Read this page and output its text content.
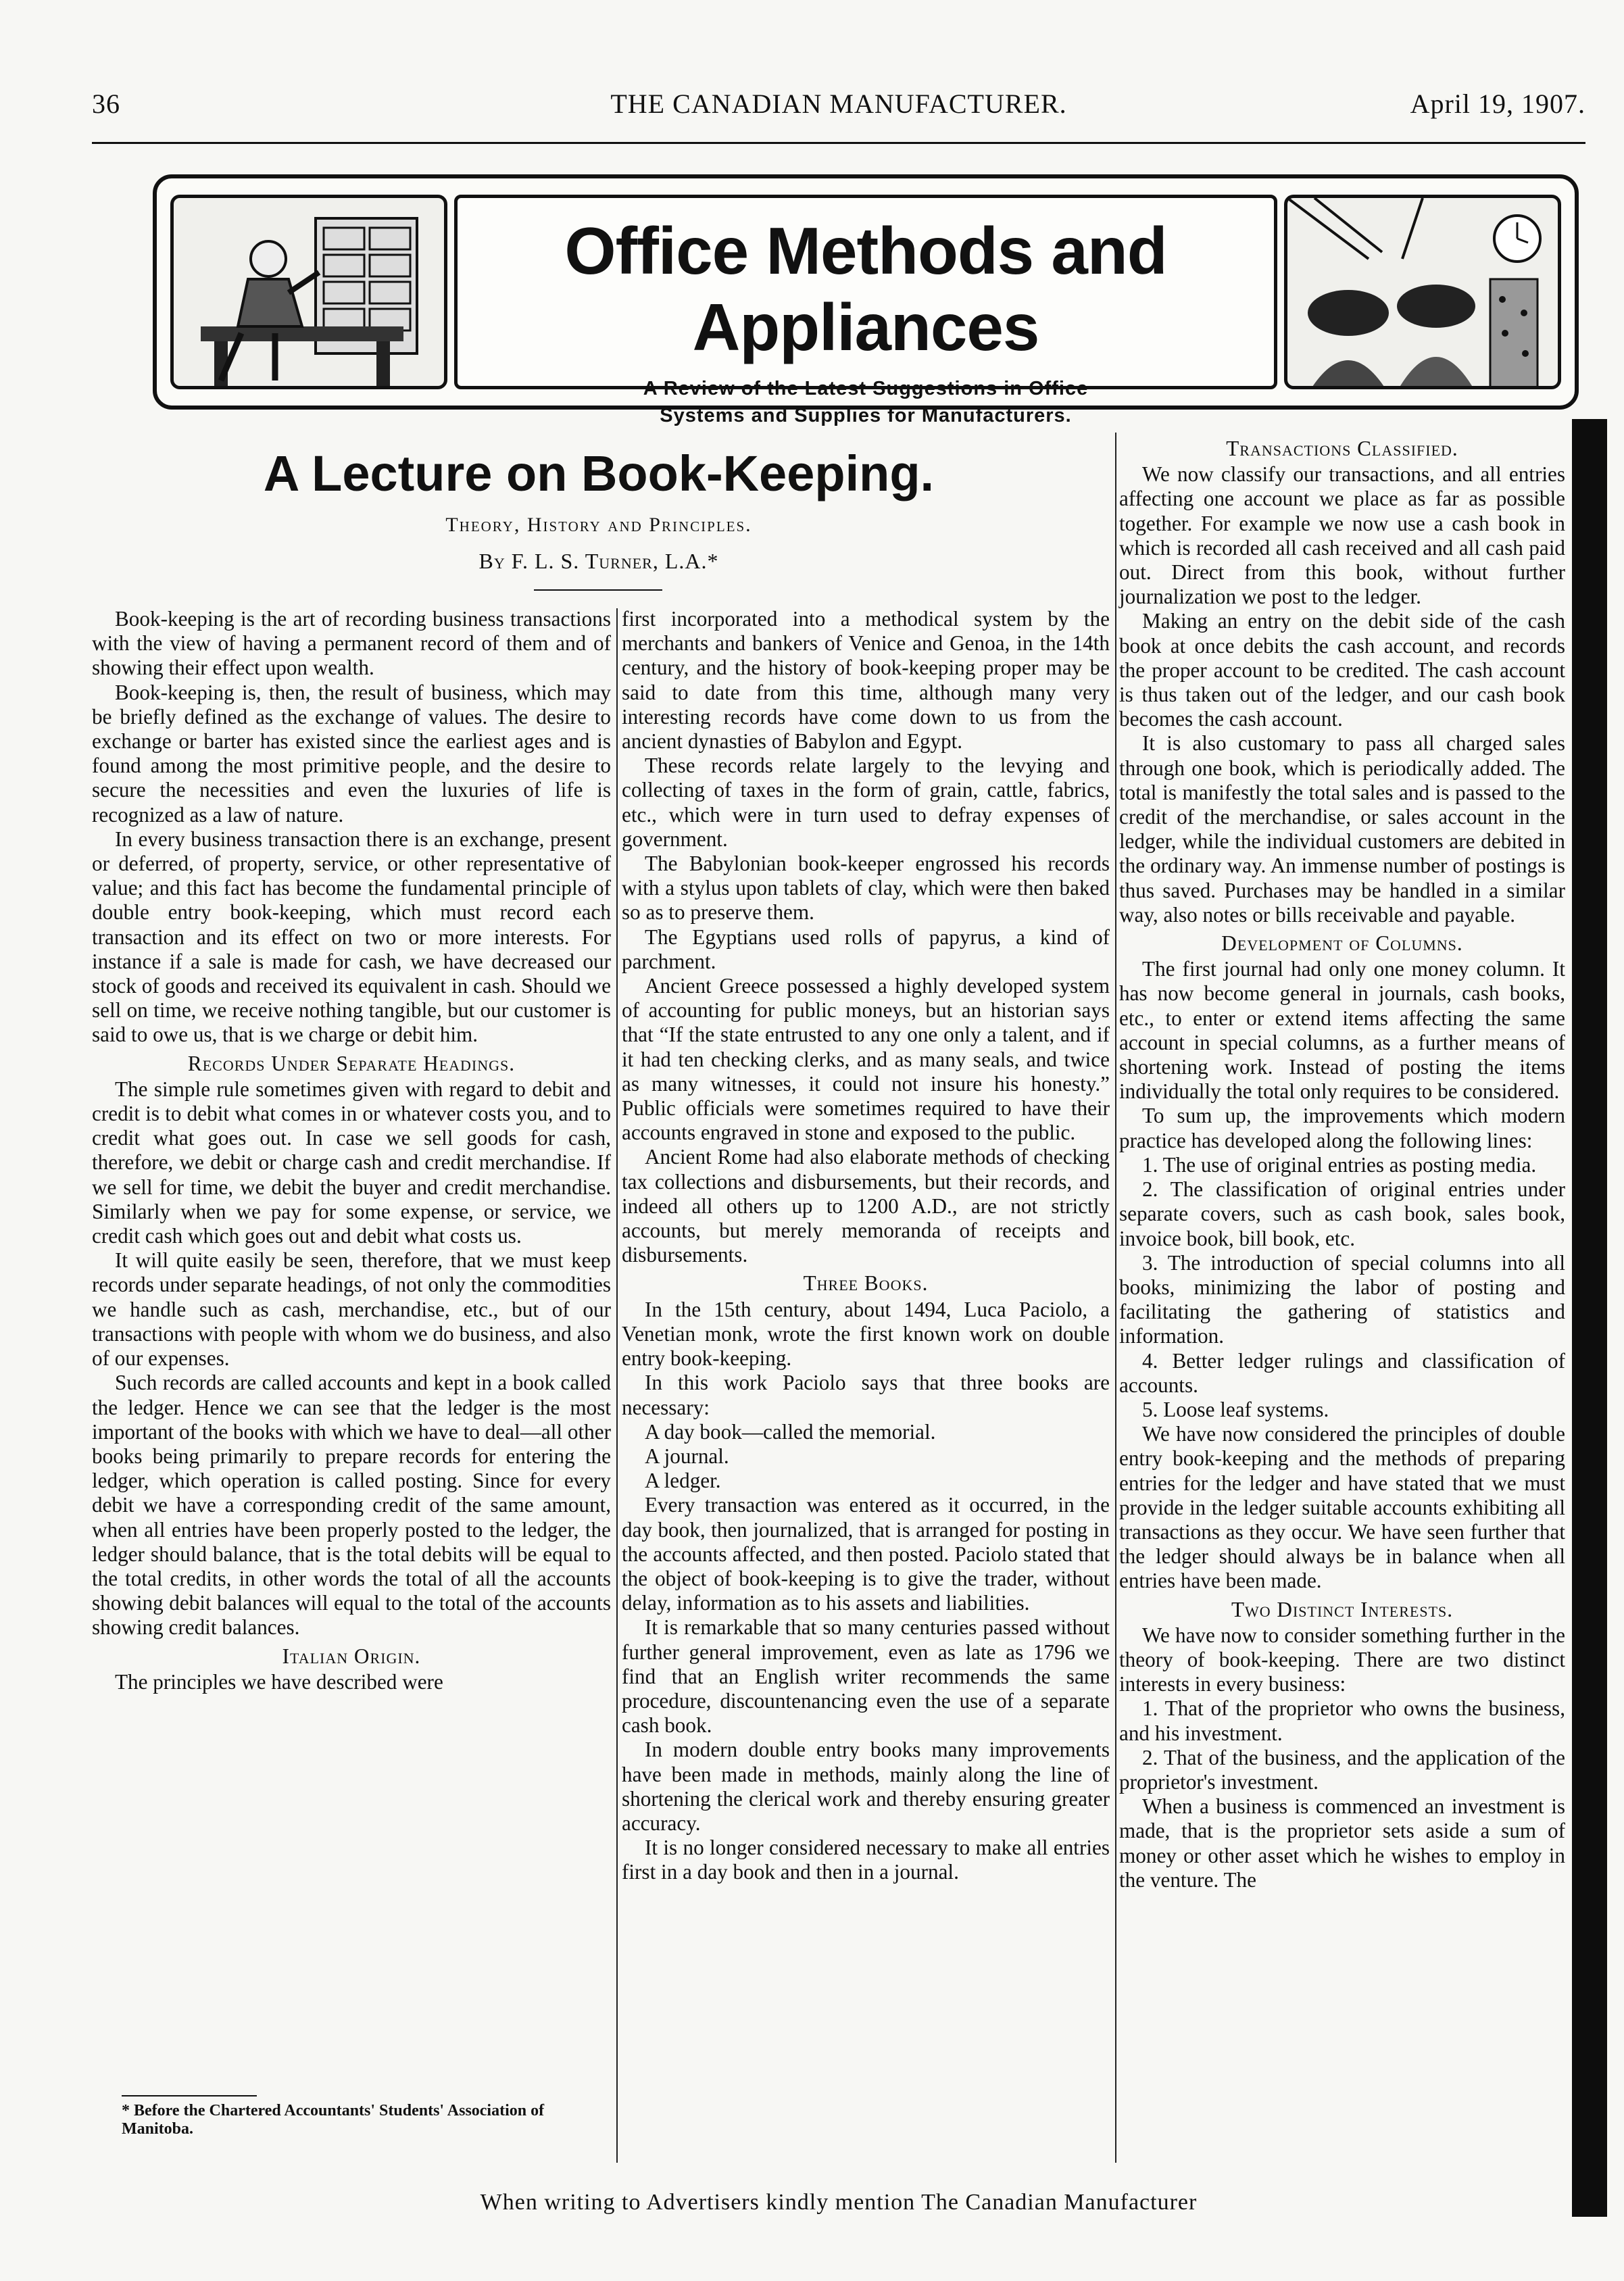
36	THE CANADIAN MANUFACTURER.	April 19, 1907.
Office Methods and Appliances
A Review of the Latest Suggestions in Office
Systems and Supplies for Manufacturers.
A Lecture on Book-Keeping.
Theory, History and Principles.
By F. L. S. Turner, L.A.*

Book-keeping is the art of recording business transactions with the view of having a permanent record of them and of showing their effect upon wealth.

Book-keeping is, then, the result of business, which may be briefly defined as the exchange of values. The desire to exchange or barter has existed since the earliest ages and is found among the most primitive people, and the desire to secure the necessities and even the luxuries of life is recognized as a law of nature.

In every business transaction there is an exchange, present or deferred, of property, service, or other representative of value; and this fact has become the fundamental principle of double entry book-keeping, which must record each transaction and its effect on two or more interests. For instance if a sale is made for cash, we have decreased our stock of goods and received its equivalent in cash. Should we sell on time, we receive nothing tangible, but our customer is said to owe us, that is we charge or debit him.

Records Under Separate Headings.

The simple rule sometimes given with regard to debit and credit is to debit what comes in or whatever costs you, and to credit what goes out. In case we sell goods for cash, therefore, we debit or charge cash and credit merchandise. If we sell for time, we debit the buyer and credit merchandise. Similarly when we pay for some expense, or service, we credit cash which goes out and debit what costs us.

It will quite easily be seen, therefore, that we must keep records under separate headings, of not only the commodities we handle such as cash, merchandise, etc., but of our transactions with people with whom we do business, and also of our expenses.

Such records are called accounts and kept in a book called the ledger. Hence we can see that the ledger is the most important of the books with which we have to deal—all other books being primarily to prepare records for entering the ledger, which operation is called posting. Since for every debit we have a corresponding credit of the same amount, when all entries have been properly posted to the ledger, the ledger should balance, that is the total debits will be equal to the total credits, in other words the total of all the accounts showing debit balances will equal to the total of the accounts showing credit balances.

Italian Origin.

The principles we have described were

* Before the Chartered Accountants' Students' Association of Manitoba.

first incorporated into a methodical system by the merchants and bankers of Venice and Genoa, in the 14th century, and the history of book-keeping proper may be said to date from this time, although many very interesting records have come down to us from the ancient dynasties of Babylon and Egypt.

These records relate largely to the levying and collecting of taxes in the form of grain, cattle, fabrics, etc., which were in turn used to defray expenses of government.

The Babylonian book-keeper engrossed his records with a stylus upon tablets of clay, which were then baked so as to preserve them.

The Egyptians used rolls of papyrus, a kind of parchment.

Ancient Greece possessed a highly developed system of accounting for public moneys, but an historian says that “If the state entrusted to any one only a talent, and if it had ten checking clerks, and as many seals, and twice as many witnesses, it could not insure his honesty.” Public officials were sometimes required to have their accounts engraved in stone and exposed to the public.

Ancient Rome had also elaborate methods of checking tax collections and disbursements, but their records, and indeed all others up to 1200 A.D., are not strictly accounts, but merely memoranda of receipts and disbursements.

Three Books.

In the 15th century, about 1494, Luca Paciolo, a Venetian monk, wrote the first known work on double entry book-keeping.

In this work Paciolo says that three books are necessary:

A day book—called the memorial.

A journal.

A ledger.

Every transaction was entered as it occurred, in the day book, then journalized, that is arranged for posting in the accounts affected, and then posted. Paciolo stated that the object of book-keeping is to give the trader, without delay, information as to his assets and liabilities.

It is remarkable that so many centuries passed without further general improvement, even as late as 1796 we find that an English writer recommends the same procedure, discountenancing even the use of a separate cash book.

In modern double entry books many improvements have been made in methods, mainly along the line of shortening the clerical work and thereby ensuring greater accuracy.

It is no longer considered necessary to make all entries first in a day book and then in a journal.

Transactions Classified.

We now classify our transactions, and all entries affecting one account we place as far as possible together. For example we now use a cash book in which is recorded all cash received and all cash paid out. Direct from this book, without further journalization we post to the ledger.

Making an entry on the debit side of the cash book at once debits the cash account, and records the proper account to be credited. The cash account is thus taken out of the ledger, and our cash book becomes the cash account.

It is also customary to pass all charged sales through one book, which is periodically added. The total is manifestly the total sales and is passed to the credit of the merchandise, or sales account in the ledger, while the individual customers are debited in the ordinary way. An immense number of postings is thus saved. Purchases may be handled in a similar way, also notes or bills receivable and payable.

Development of Columns.

The first journal had only one money column. It has now become general in journals, cash books, etc., to enter or extend items affecting the same account in special columns, as a further means of shortening work. Instead of posting the items individually the total only requires to be considered.

To sum up, the improvements which modern practice has developed along the following lines:

1. The use of original entries as posting media.

2. The classification of original entries under separate covers, such as cash book, sales book, invoice book, bill book, etc.

3. The introduction of special columns into all books, minimizing the labor of posting and facilitating the gathering of statistics and information.

4. Better ledger rulings and classification of accounts.

5. Loose leaf systems.

We have now considered the principles of double entry book-keeping and the methods of preparing entries for the ledger and have stated that we must provide in the ledger suitable accounts exhibiting all transactions as they occur. We have seen further that the ledger should always be in balance when all entries have been made.

Two Distinct Interests.

We have now to consider something further in the theory of book-keeping. There are two distinct interests in every business:

1. That of the proprietor who owns the business, and his investment.

2. That of the business, and the application of the proprietor's investment.

When a business is commenced an investment is made, that is the proprietor sets aside a sum of money or other asset which he wishes to employ in the venture. The

When writing to Advertisers kindly mention The Canadian Manufacturer
